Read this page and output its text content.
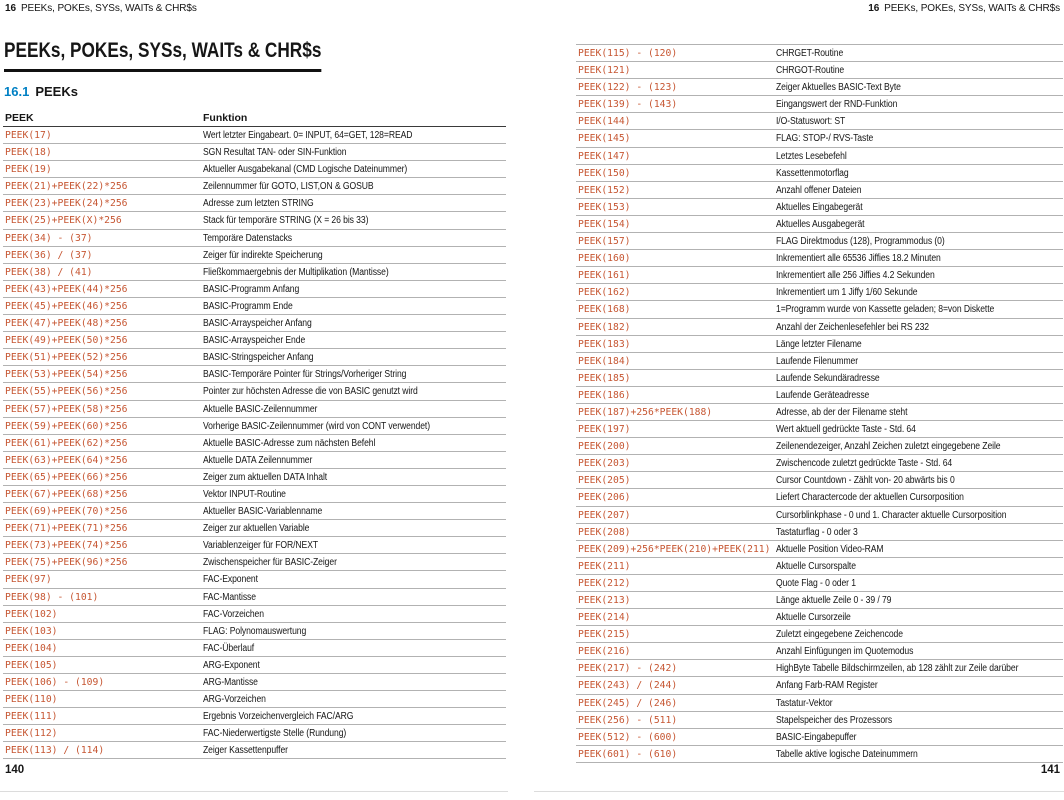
16 PEEKs, POKEs, SYSs, WAITs & CHR$s
PEEKs, POKEs, SYSs, WAITs & CHR$s
16.1 PEEKs
PEEK	Funktion
PEEK(17)	Wert letzter Eingabeart. 0= INPUT, 64=GET, 128=READ
PEEK(18)	SGN Resultat TAN- oder SIN-Funktion
PEEK(19)	Aktueller Ausgabekanal (CMD Logische Dateinummer)
PEEK(21)+PEEK(22)*256	Zeilennummer für GOTO, LIST,ON & GOSUB
PEEK(23)+PEEK(24)*256	Adresse zum letzten STRING
PEEK(25)+PEEK(X)*256	Stack für temporäre STRING (X = 26 bis 33)
PEEK(34) - (37)	Temporäre Datenstacks
PEEK(36) / (37)	Zeiger für indirekte Speicherung
PEEK(38) / (41)	Fließkommaergebnis der Multiplikation (Mantisse)
PEEK(43)+PEEK(44)*256	BASIC-Programm Anfang
PEEK(45)+PEEK(46)*256	BASIC-Programm Ende
PEEK(47)+PEEK(48)*256	BASIC-Arrayspeicher Anfang
PEEK(49)+PEEK(50)*256	BASIC-Arrayspeicher Ende
PEEK(51)+PEEK(52)*256	BASIC-Stringspeicher Anfang
PEEK(53)+PEEK(54)*256	BASIC-Temporäre Pointer für Strings/Vorheriger String
PEEK(55)+PEEK(56)*256	Pointer zur höchsten Adresse die von BASIC genutzt wird
PEEK(57)+PEEK(58)*256	Aktuelle BASIC-Zeilennummer
PEEK(59)+PEEK(60)*256	Vorherige BASIC-Zeilennummer (wird von CONT verwendet)
PEEK(61)+PEEK(62)*256	Aktuelle BASIC-Adresse zum nächsten Befehl
PEEK(63)+PEEK(64)*256	Aktuelle DATA Zeilennummer
PEEK(65)+PEEK(66)*256	Zeiger zum aktuellen DATA Inhalt
PEEK(67)+PEEK(68)*256	Vektor INPUT-Routine
PEEK(69)+PEEK(70)*256	Aktueller BASIC-Variablenname
PEEK(71)+PEEK(71)*256	Zeiger zur aktuellen Variable
PEEK(73)+PEEK(74)*256	Variablenzeiger für FOR/NEXT
PEEK(75)+PEEK(96)*256	Zwischenspeicher für BASIC-Zeiger
PEEK(97)	FAC-Exponent
PEEK(98) - (101)	FAC-Mantisse
PEEK(102)	FAC-Vorzeichen
PEEK(103)	FLAG: Polynomauswertung
PEEK(104)	FAC-Überlauf
PEEK(105)	ARG-Exponent
PEEK(106) - (109)	ARG-Mantisse
PEEK(110)	ARG-Vorzeichen
PEEK(111)	Ergebnis Vorzeichenvergleich FAC/ARG
PEEK(112)	FAC-Niederwertigste Stelle (Rundung)
PEEK(113) / (114)	Zeiger Kassettenpuffer
140
16 PEEKs, POKEs, SYSs, WAITs & CHR$s
PEEK(115) - (120)	CHRGET-Routine
PEEK(121)	CHRGOT-Routine
PEEK(122) - (123)	Zeiger Aktuelles BASIC-Text Byte
PEEK(139) - (143)	Eingangswert der RND-Funktion
PEEK(144)	I/O-Statuswort: ST
PEEK(145)	FLAG: STOP-/ RVS-Taste
PEEK(147)	Letztes Lesebefehl
PEEK(150)	Kassettenmotorflag
PEEK(152)	Anzahl offener Dateien
PEEK(153)	Aktuelles Eingabegerät
PEEK(154)	Aktuelles Ausgabegerät
PEEK(157)	FLAG Direktmodus (128), Programmodus (0)
PEEK(160)	Inkrementiert alle 65536 Jiffies 18.2 Minuten
PEEK(161)	Inkrementiert alle 256 Jiffies 4.2 Sekunden
PEEK(162)	Inkrementiert um 1 Jiffy 1/60 Sekunde
PEEK(168)	1=Programm wurde von Kassette geladen; 8=von Diskette
PEEK(182)	Anzahl der Zeichenlesefehler bei RS 232
PEEK(183)	Länge letzter Filename
PEEK(184)	Laufende Filenummer
PEEK(185)	Laufende Sekundäradresse
PEEK(186)	Laufende Geräteadresse
PEEK(187)+256*PEEK(188)	Adresse, ab der der Filename steht
PEEK(197)	Wert aktuell gedrückte Taste - Std. 64
PEEK(200)	Zeilenendezeiger, Anzahl Zeichen zuletzt eingegebene Zeile
PEEK(203)	Zwischencode zuletzt gedrückte Taste - Std. 64
PEEK(205)	Cursor Countdown - Zählt von- 20 abwärts bis 0
PEEK(206)	Liefert Charactercode der aktuellen Cursorposition
PEEK(207)	Cursorblinkphase - 0 und 1. Character aktuelle Cursorposition
PEEK(208)	Tastaturflag - 0 oder 3
PEEK(209)+256*PEEK(210)+PEEK(211) Aktuelle Position Video-RAM
PEEK(211)	Aktuelle Cursorspalte
PEEK(212)	Quote Flag - 0 oder 1
PEEK(213)	Länge aktuelle Zeile 0 - 39 / 79
PEEK(214)	Aktuelle Cursorzeile
PEEK(215)	Zuletzt eingegebene Zeichencode
PEEK(216)	Anzahl Einfügungen im Quotemodus
PEEK(217) - (242)	HighByte Tabelle Bildschirmzeilen, ab 128 zählt zur Zeile darüber
PEEK(243) / (244)	Anfang Farb-RAM Register
PEEK(245) / (246)	Tastatur-Vektor
PEEK(256) - (511)	Stapelspeicher des Prozessors
PEEK(512) - (600)	BASIC-Eingabepuffer
PEEK(601) - (610)	Tabelle aktive logische Dateinummern
141
